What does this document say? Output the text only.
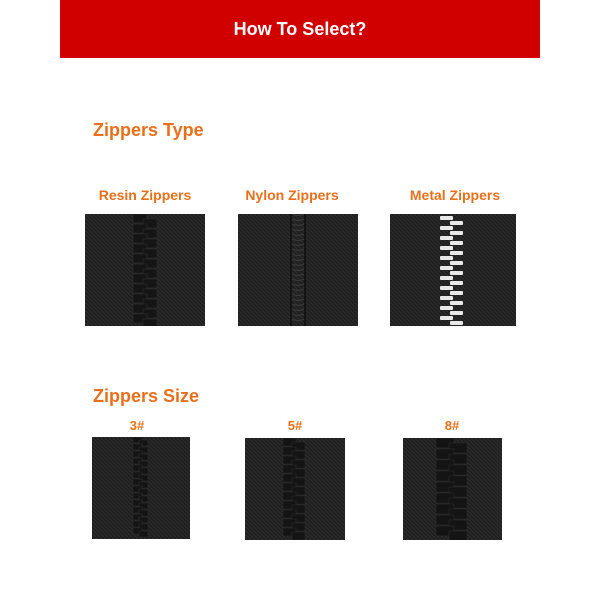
How To Select?
Zippers Type
Resin Zippers	Nylon Zippers	Metal Zippers
Zippers Size
3#	5#	8#
